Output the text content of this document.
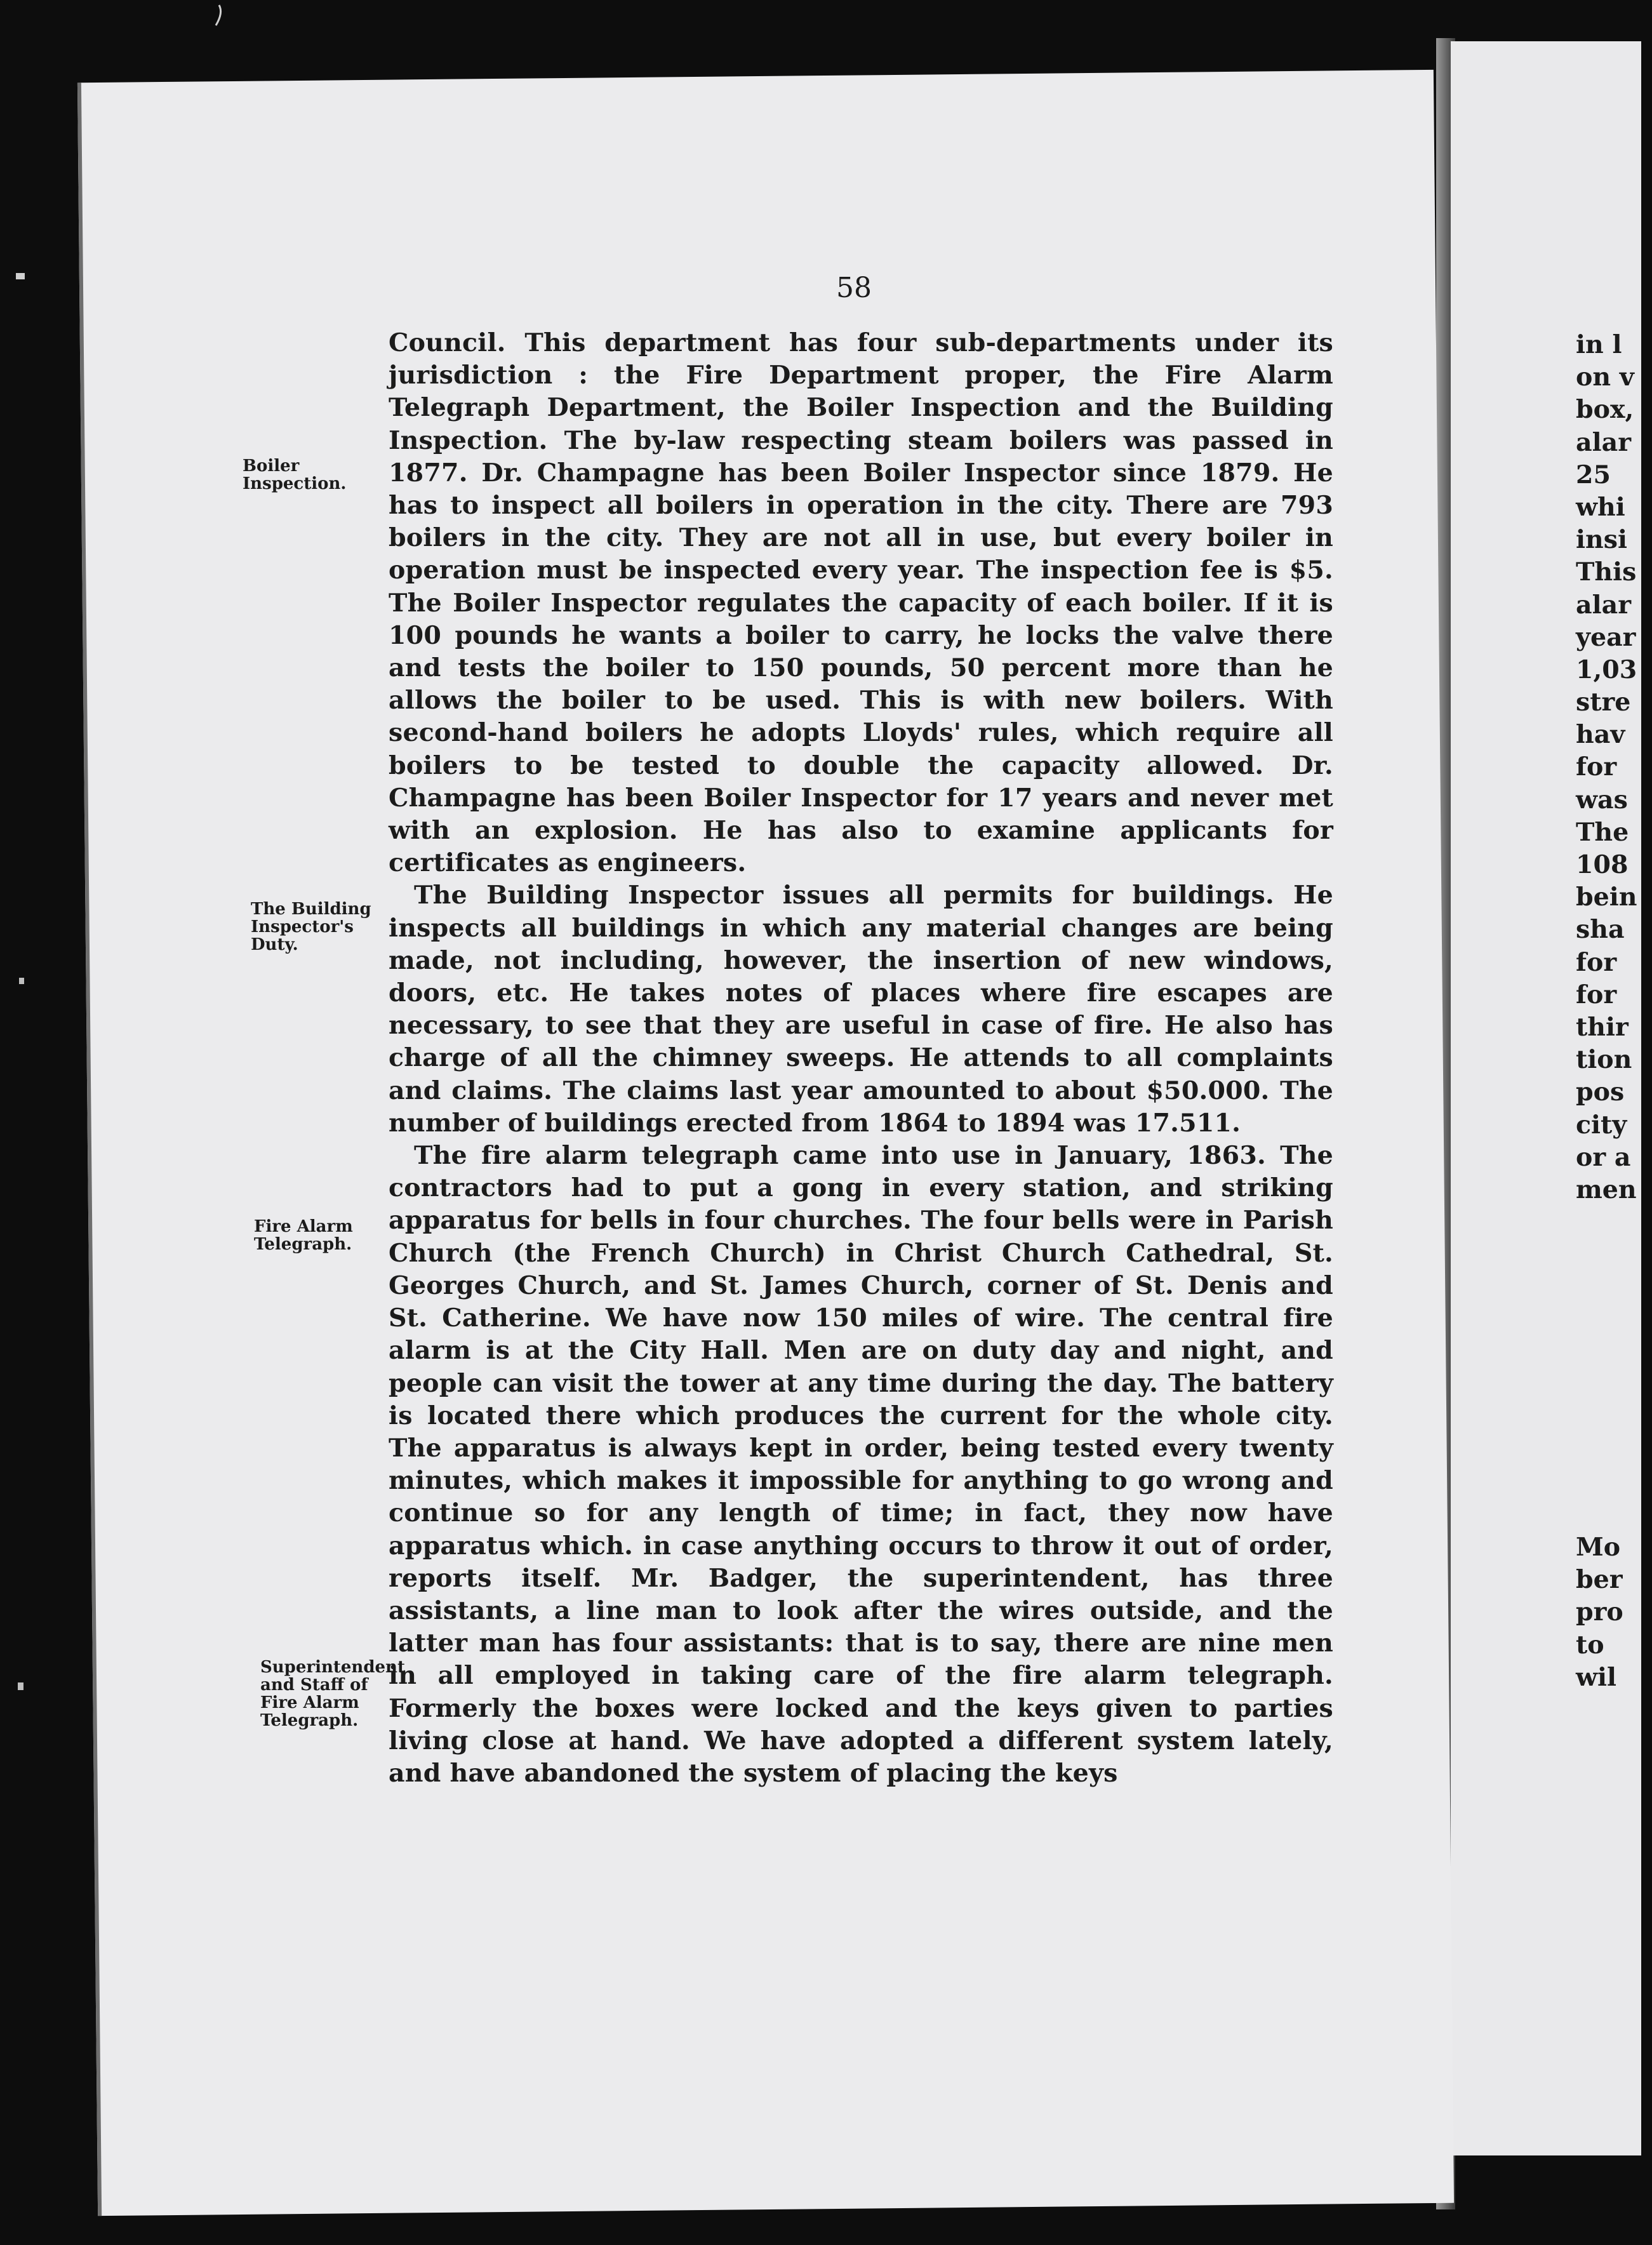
58
Boiler Inspection.
The Building Inspector's Duty.
Fire Alarm Telegraph.
Superintendent and Staff of Fire Alarm Telegraph.

Council. This department has four sub-departments under its jurisdiction : the Fire Department proper, the Fire Alarm Telegraph Department, the Boiler Inspection and the Building Inspection. The by-law respecting steam boilers was passed in 1877. Dr. Champagne has been Boiler Inspector since 1879. He has to inspect all boilers in operation in the city. There are 793 boilers in the city. They are not all in use, but every boiler in operation must be inspected every year. The inspection fee is $5. The Boiler Inspector regulates the capacity of each boiler. If it is 100 pounds he wants a boiler to carry, he locks the valve there and tests the boiler to 150 pounds, 50 percent more than he allows the boiler to be used. This is with new boilers. With second-hand boilers he adopts Lloyds' rules, which require all boilers to be tested to double the capacity allowed. Dr. Champagne has been Boiler Inspector for 17 years and never met with an explosion. He has also to examine applicants for certificates as engineers.

The Building Inspector issues all permits for buildings. He inspects all buildings in which any material changes are being made, not including, however, the insertion of new windows, doors, etc. He takes notes of places where fire escapes are necessary, to see that they are useful in case of fire. He also has charge of all the chimney sweeps. He attends to all complaints and claims. The claims last year amounted to about $50.000. The number of buildings erected from 1864 to 1894 was 17.511.

The fire alarm telegraph came into use in January, 1863. The contractors had to put a gong in every station, and striking apparatus for bells in four churches. The four bells were in Parish Church (the French Church) in Christ Church Cathedral, St. Georges Church, and St. James Church, corner of St. Denis and St. Catherine. We have now 150 miles of wire. The central fire alarm is at the City Hall. Men are on duty day and night, and people can visit the tower at any time during the day. The battery is located there which produces the current for the whole city. The apparatus is always kept in order, being tested every twenty minutes, which makes it impossible for anything to go wrong and continue so for any length of time; in fact, they now have apparatus which. in case anything occurs to throw it out of order, reports itself. Mr. Badger, the superintendent, has three assistants, a line man to look after the wires outside, and the latter man has four assistants: that is to say, there are nine men in all employed in taking care of the fire alarm telegraph. Formerly the boxes were locked and the keys given to parties living close at hand. We have adopted a different system lately, and have abandoned the system of placing the keys

in l
on v
box,
alar
25
whi
insi
This
alar
year
1,03
stre
hav
for
was
The
108
bein
sha
for
for
thir
tion
pos
city
or a
men
Mo
ber
pro
to
wil
